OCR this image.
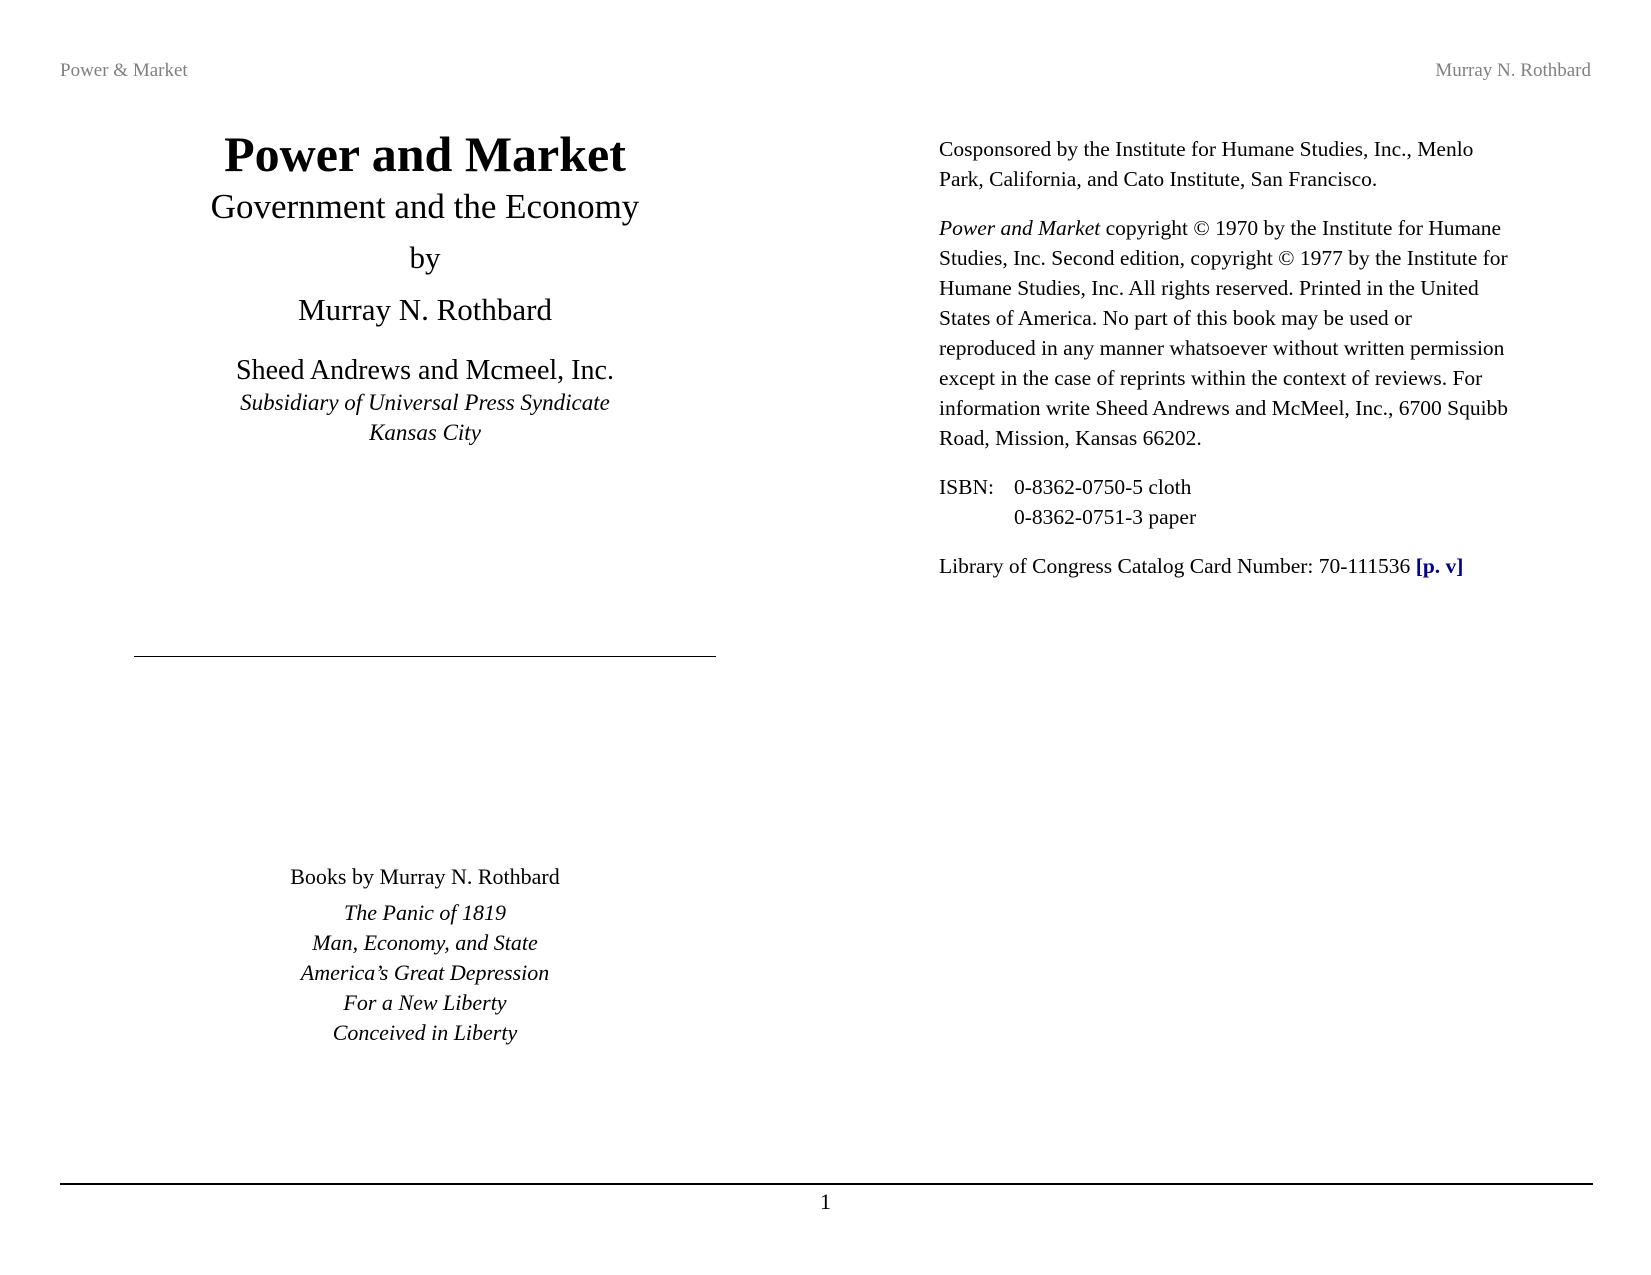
Power & Market	Murray N. Rothbard
Power and Market
Government and the Economy
by
Murray N. Rothbard
Sheed Andrews and Mcmeel, Inc.
Subsidiary of Universal Press Syndicate
Kansas City
Books by Murray N. Rothbard
The Panic of 1819
Man, Economy, and State
America’s Great Depression
For a New Liberty
Conceived in Liberty

Cosponsored by the Institute for Humane Studies, Inc., Menlo Park, California, and Cato Institute, San Francisco.

Power and Market copyright © 1970 by the Institute for Humane Studies, Inc. Second edition, copyright © 1977 by the Institute for Humane Studies, Inc. All rights reserved. Printed in the United States of America. No part of this book may be used or reproduced in any manner whatsoever without written permission except in the case of reprints within the context of reviews. For information write Sheed Andrews and McMeel, Inc., 6700 Squibb Road, Mission, Kansas 66202.

ISBN: 0-8362-0750-5 cloth
0-8362-0751-3 paper

Library of Congress Catalog Card Number: 70-111536 [p. v]

1
